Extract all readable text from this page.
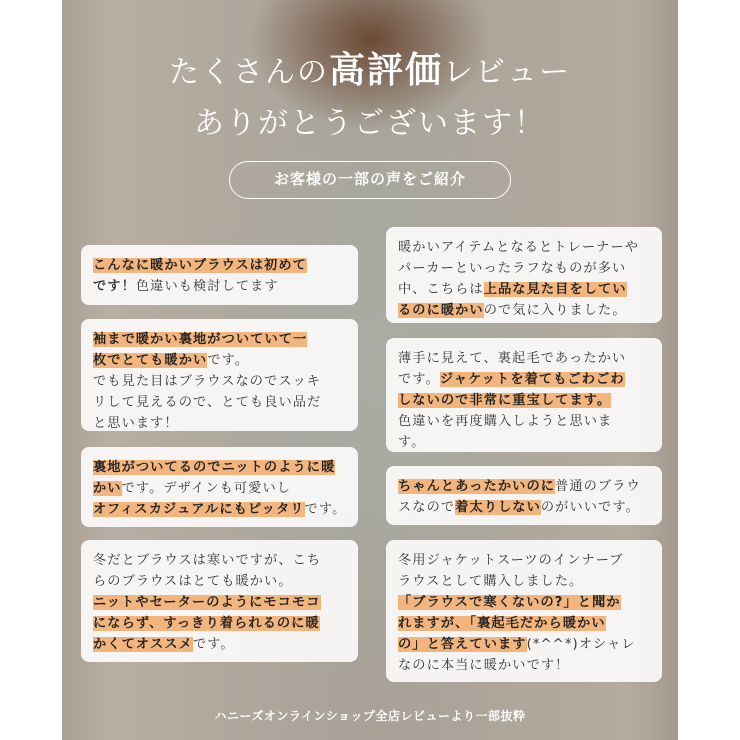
たくさんの高評価レビュー
ありがとうございます！
お客様の一部の声をご紹介
こんなに暖かいブラウスは初めて
です！色違いも検討してます
袖まで暖かい裏地がついていて一
枚でとても暖かいです。
でも見た目はブラウスなのでスッキ
リして見えるので、とても良い品だ
と思います！
裏地がついてるのでニットのように暖
かいです。デザインも可愛いし
オフィスカジュアルにもピッタリです。
冬だとブラウスは寒いですが、こち
らのブラウスはとても暖かい。
ニットやセーターのようにモコモコ
にならず、すっきり着られるのに暖
かくてオススメです。
暖かいアイテムとなるとトレーナーや
パーカーといったラフなものが多い
中、こちらは上品な見た目をしてい
るのに暖かいので気に入りました。
薄手に見えて、裏起毛であったかい
です。ジャケットを着てもごわごわ
しないので非常に重宝してます。
色違いを再度購入しようと思いま
す。
ちゃんとあったかいのに普通のブラウ
スなので着太りしないのがいいです。
冬用ジャケットスーツのインナーブ
ラウスとして購入しました。
「ブラウスで寒くないの?」と聞か
れますが、「裏起毛だから暖かい
の」と答えています(*^^*)オシャレ
なのに本当に暖かいです！
ハニーズオンラインショップ全店レビューより一部抜粋
